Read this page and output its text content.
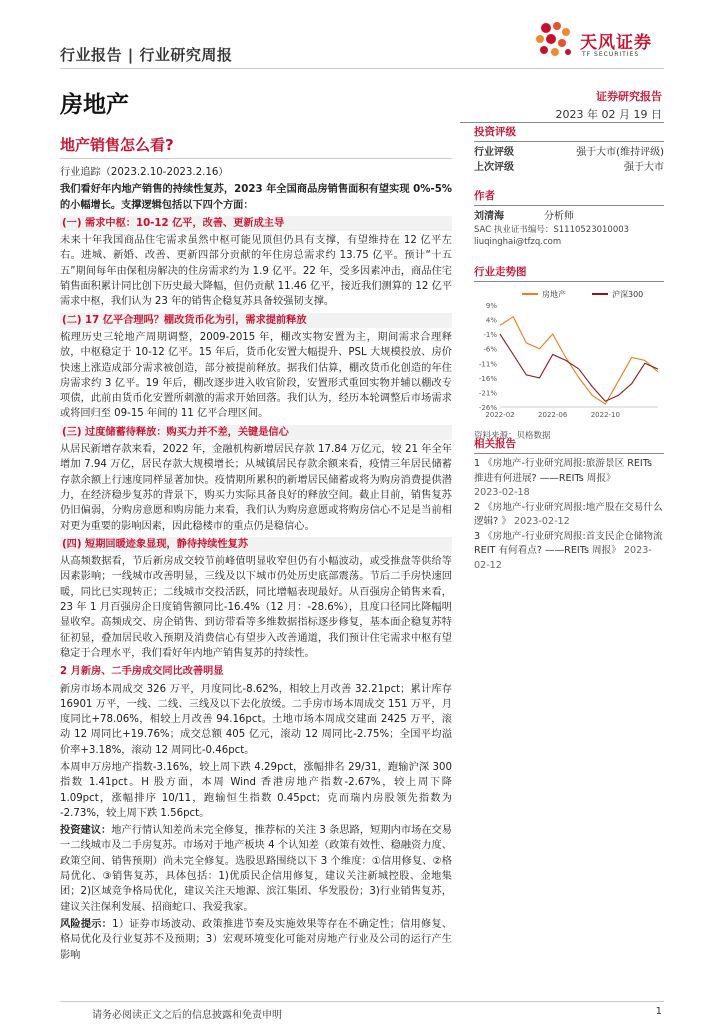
行业报告 | 行业研究周报
天风证券
TF SECURITIES
房地产	证券研究报告
2023 年 02 月 19 日
地产销售怎么看?

行业追踪（2023.2.10-2023.2.16）

我们看好年内地产销售的持续性复苏，2023 年全国商品房销售面积有望实现 0%-5%的小幅增长。支撑逻辑包括以下四个方面：

(一) 需求中枢：10-12 亿平，改善、更新成主导

未来十年我国商品住宅需求虽然中枢可能见顶但仍具有支撑，有望维持在 12 亿平左右。进城、新婚、改善、更新四部分贡献的年住房总需求约 13.75 亿平。预计“十五五”期间每年由保租房解决的住房需求约为 1.9 亿平。22 年，受多因素冲击，商品住宅销售面积累计同比创下历史最大降幅，但仍贡献 11.46 亿平，接近我们测算的 12 亿平需求中枢，我们认为 23 年的销售企稳复苏具备较强韧支撑。

(二) 17 亿平合理吗？棚改货币化为引，需求提前释放

梳理历史三轮地产周期调整，2009-2015 年，棚改实物安置为主，期间需求合理释放，中枢稳定于 10-12 亿平。15 年后，货币化安置大幅提升、PSL 大规模投放、房价快速上涨造成部分需求被创造，部分被提前释放。据我们估算，棚改货币化创造的年住房需求约 3 亿平。19 年后，棚改逐步进入收官阶段，安置形式重回实物并辅以棚改专项债，此前由货币化安置所刺激的需求开始回落。我们认为，经历本轮调整后市场需求或将回归至 09-15 年间的 11 亿平合理区间。

(三) 过度储蓄待释放：购买力并不差，关键是信心

从居民新增存款来看，2022 年，金融机构新增居民存款 17.84 万亿元，较 21 年全年增加 7.94 万亿，居民存款大规模增长；从城镇居民存款余额来看，疫情三年居民储蓄存款余额上行速度同样显著加快。疫情期所累积的新增居民储蓄或将为购房消费提供潜力，在经济稳步复苏的背景下，购买力实际具备良好的释放空间。截止目前，销售复苏仍旧偏弱，分购房意愿和购房能力来看，我们认为购房意愿或将购房信心不足是当前相对更为重要的影响因素，因此稳楼市的重点仍是稳信心。

(四) 短期回暖迹象显现，静待持续性复苏

从高频数据看，节后新房成交较节前峰值明显收窄但仍有小幅波动，或受推盘等供给等因素影响；一线城市改善明显，三线及以下城市仍处历史底部震荡。节后二手房快速回暖，同比已实现转正；二线城市交投活跃，同比增幅表现最好。从百强房企销售来看，23 年 1 月百强房企日度销售额同比-16.4%（12 月：-28.6%），且度口径同比降幅明显收窄。高频成交、房企销售、到访带看等多维数据指标逐步修复，基本面企稳复苏特征初显，叠加居民收入预期及消费信心有望步入改善通道，我们预计住宅需求中枢有望稳定于合理水平，我们看好年内地产销售复苏的持续性。

2 月新房、二手房成交同比改善明显

新房市场本周成交 326 万平，月度同比-8.62%，相较上月改善 32.21pct；累计库存 16901 万平，一线、二线、三线及以下去化放缓。二手房市场本周成交 151 万平，月度同比+78.06%，相较上月改善 94.16pct。土地市场本周成交建面 2425 万平，滚动 12 周同比+19.76%；成交总额 405 亿元，滚动 12 周同比-2.75%；全国平均溢价率+3.18%，滚动 12 周同比-0.46pct。

本周申万房地产指数-3.16%，较上周下跌 4.29pct，涨幅排名 29/31，跑输沪深 300 指数 1.41pct。H 股方面，本周 Wind 香港房地产指数-2.67%，较上周下降 1.09pct，涨幅排序 10/11，跑输恒生指数 0.45pct；克而瑞内房股领先指数为 -2.73%，较上周下跌 1.56pct。

投资建议：地产行情认知差尚未完全修复，推荐标的关注 3 条思路，短期内市场在交易一二线城市及二手房复苏。市场对于地产板块 4 个认知差（政策有效性、稳融资力度、政策空间、销售预期）尚未完全修复。选股思路围绕以下 3 个维度：①信用修复、②格局优化、③销售复苏，具体包括：1)优质民企信用修复，建议关注新城控股、金地集团；2)区域竞争格局优化，建议关注天地源、滨江集团、华发股份；3)行业销售复苏，建议关注保利发展、招商蛇口、我爱我家。

风险提示：1）证券市场波动、政策推进节奏及实施效果等存在不确定性；信用修复、格局优化及行业复苏不及预期；3）宏观环境变化可能对房地产行业及公司的运行产生影响

投资评级
行业评级	强于大市(维持评级)
上次评级	强于大市
作者
刘清海	分析师
SAC 执业证书编号：S1110523010003
liuqinghai@tfzq.com
行业走势图
房地产	沪深300
9%
4%
-1%
-6%
-11%
-16%
-21%
-26%
2022-02	2022-06	2022-10
资料来源：贝格数据
相关报告
1 《房地产-行业研究周报:旅游景区 REITs 推进有何进展? ——REITs 周报》
2023-02-18
2 《房地产-行业研究周报:地产股在交易什么逻辑? 》 2023-02-12
3 《房地产-行业研究周报:首支民企仓储物流 REIT 有何看点? ——REITs 周报》 2023-02-12
请务必阅读正文之后的信息披露和免责申明	1
